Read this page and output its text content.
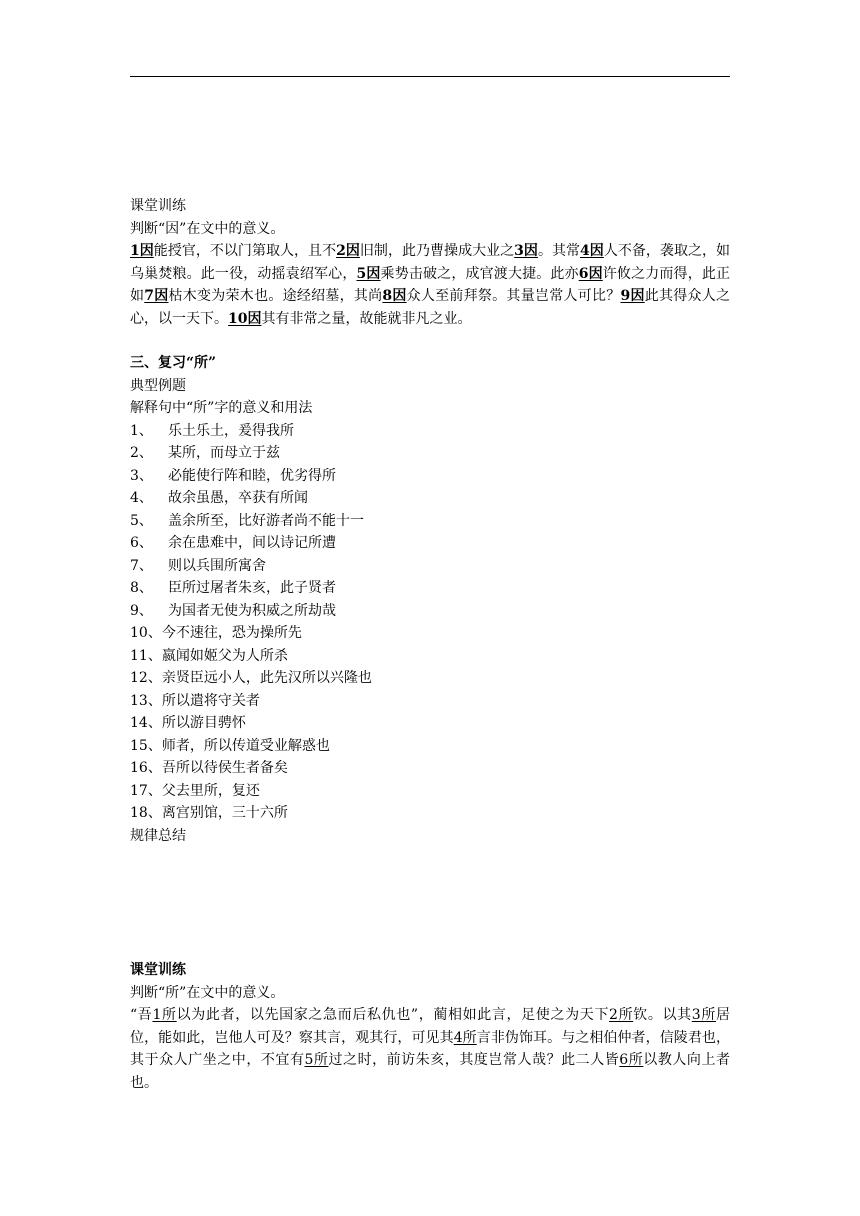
课堂训练
判断“因”在文中的意义。
1因能授官，不以门第取人，且不2因旧制，此乃曹操成大业之3因。其常4因人不备，袭取之，如乌巢焚粮。此一役，动摇袁绍军心，5因乘势击破之，成官渡大捷。此亦6因许攸之力而得，此正如7因枯木变为荣木也。途经绍墓，其尚8因众人至前拜祭。其量岂常人可比？9因此其得众人之心，以一天下。10因其有非常之量，故能就非凡之业。
三、复习“所”
典型例题
解释句中“所”字的意义和用法
1、 乐土乐土，爰得我所
2、 某所，而母立于兹
3、 必能使行阵和睦，优劣得所
4、 故余虽愚，卒获有所闻
5、 盖余所至，比好游者尚不能十一
6、 余在患难中，间以诗记所遭
7、 则以兵围所寓舍
8、 臣所过屠者朱亥，此子贤者
9、 为国者无使为积威之所劫哉
10、今不速往，恐为操所先
11、嬴闻如姬父为人所杀
12、亲贤臣远小人，此先汉所以兴隆也
13、所以遣将守关者
14、所以游目骋怀
15、师者，所以传道受业解惑也
16、吾所以待侯生者备矣
17、父去里所，复还
18、离宫别馆，三十六所
规律总结
课堂训练
判断“所”在文中的意义。
“吾1所以为此者，以先国家之急而后私仇也”，蔺相如此言，足使之为天下2所钦。以其3所居位，能如此，岂他人可及？察其言，观其行，可见其4所言非伪饰耳。与之相伯仲者，信陵君也，其于众人广坐之中，不宜有5所过之时，前访朱亥，其度岂常人哉？此二人皆6所以教人向上者也。
